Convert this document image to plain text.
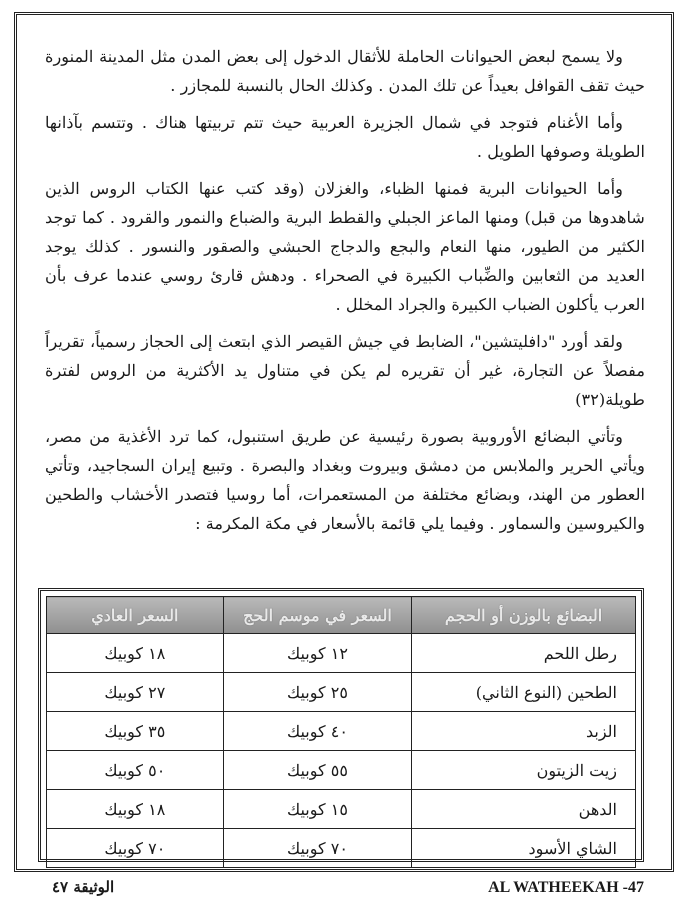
ولا يسمح لبعض الحيوانات الحاملة للأثقال الدخول إلى بعض المدن مثل المدينة المنورة حيث تقف القوافل بعيداً عن تلك المدن . وكذلك الحال بالنسبة للمجازر .

وأما الأغنام فتوجد في شمال الجزيرة العربية حيث تتم تربيتها هناك . وتتسم بآذانها الطويلة وصوفها الطويل .

وأما الحيوانات البرية فمنها الظباء، والغزلان (وقد كتب عنها الكتاب الروس الذين شاهدوها من قبل) ومنها الماعز الجبلي والقطط البرية والضباع والنمور والقرود . كما توجد الكثير من الطيور، منها النعام والبجع والدجاج الحبشي والصقور والنسور . كذلك يوجد العديد من الثعابين والضِّباب الكبيرة في الصحراء . ودهش قارئ روسي عندما عرف بأن العرب يأكلون الضباب الكبيرة والجراد المخلل .

ولقد أورد "دافليتشين"، الضابط في جيش القيصر الذي ابتعث إلى الحجاز رسمياً، تقريراً مفصلاً عن التجارة، غير أن تقريره لم يكن في متناول يد الأكثرية من الروس لفترة طويلة(٣٢)

وتأتي البضائع الأوروبية بصورة رئيسية عن طريق استنبول، كما ترد الأغذية من مصر، ويأتي الحرير والملابس من دمشق وبيروت وبغداد والبصرة . وتبيع إيران السجاجيد، وتأتي العطور من الهند، وبضائع مختلفة من المستعمرات، أما روسيا فتصدر الأخشاب والطحين والكيروسين والسماور . وفيما يلي قائمة بالأسعار في مكة المكرمة :

البضائع بالوزن أو الحجم	السعر في موسم الحج	السعر العادي
رطل اللحم	١٢ كوبيك	١٨ كوبيك
الطحين (النوع الثاني)	٢٥ كوبيك	٢٧ كوبيك
الزبد	٤٠ كوبيك	٣٥ كوبيك
زيت الزيتون	٥٥ كوبيك	٥٠ كوبيك
الدهن	١٥ كوبيك	١٨ كوبيك
الشاي الأسود	٧٠ كوبيك	٧٠ كوبيك
الوثيقة ٤٧	AL WATHEEKAH -47
